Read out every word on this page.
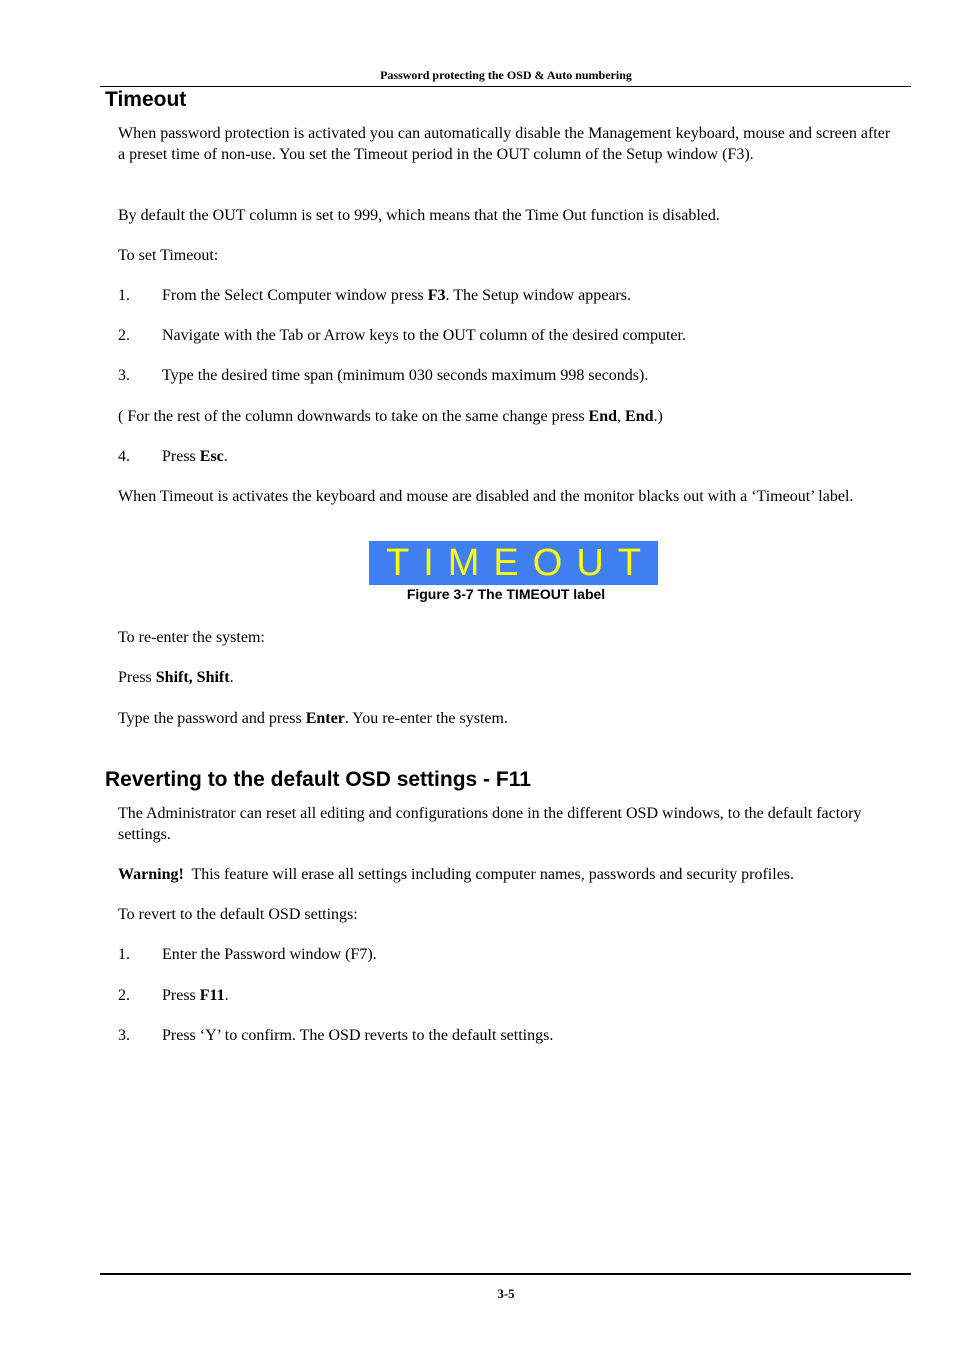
Password protecting the OSD & Auto numbering
Timeout
When password protection is activated you can automatically disable the Management keyboard, mouse and screen after a preset time of non-use. You set the Timeout period in the OUT column of the Setup window (F3).
By default the OUT column is set to 999, which means that the Time Out function is disabled.
To set Timeout:
1. From the Select Computer window press F3. The Setup window appears.
2. Navigate with the Tab or Arrow keys to the OUT column of the desired computer.
3. Type the desired time span (minimum 030 seconds maximum 998 seconds).
( For the rest of the column downwards to take on the same change press End, End.)
4. Press Esc.
When Timeout is activates the keyboard and mouse are disabled and the monitor blacks out with a ‘Timeout’ label.
TIMEOUT
Figure 3-7 The TIMEOUT label
To re-enter the system:
Press Shift, Shift.
Type the password and press Enter. You re-enter the system.
Reverting to the default OSD settings - F11
The Administrator can reset all editing and configurations done in the different OSD windows, to the default factory settings.
Warning!  This feature will erase all settings including computer names, passwords and security profiles.
To revert to the default OSD settings:
1. Enter the Password window (F7).
2. Press F11.
3. Press ‘Y’ to confirm. The OSD reverts to the default settings.
3-5
